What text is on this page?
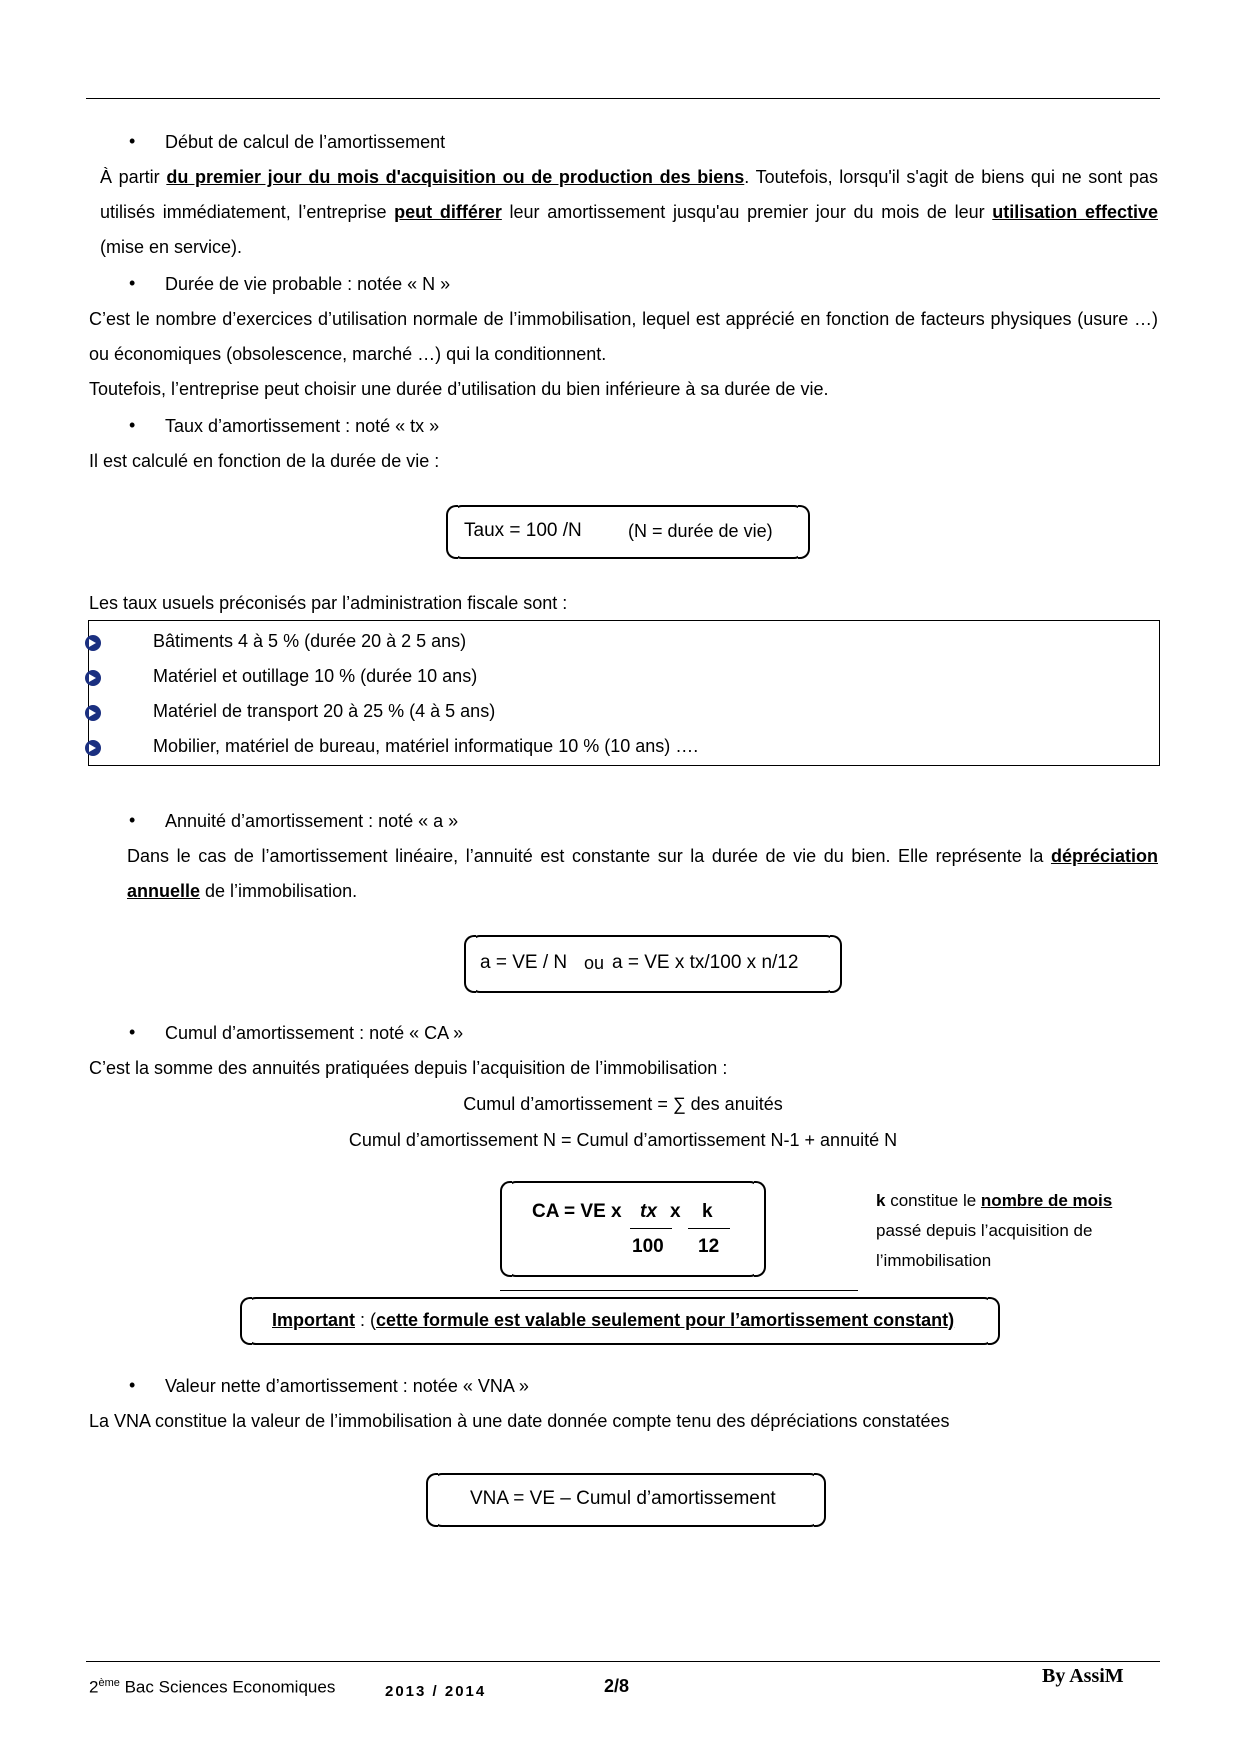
• Début de calcul de l’amortissement
À partir du premier jour du mois d'acquisition ou de production des biens. Toutefois, lorsqu'il s'agit de biens qui ne sont pas utilisés immédiatement, l’entreprise peut différer leur amortissement jusqu'au premier jour du mois de leur utilisation effective (mise en service).
• Durée de vie probable : notée « N »
C’est le nombre d’exercices d’utilisation normale de l’immobilisation, lequel est apprécié en fonction de facteurs physiques (usure …) ou économiques (obsolescence, marché …) qui la conditionnent.
Toutefois, l’entreprise peut choisir une durée d’utilisation du bien inférieure à sa durée de vie.
• Taux d’amortissement : noté « tx »
Il est calculé en fonction de la durée de vie :
Taux = 100 /N	(N = durée de vie)
Les taux usuels préconisés par l’administration fiscale sont :
Bâtiments 4 à 5 % (durée 20 à 2 5 ans)
Matériel et outillage 10 % (durée 10 ans)
Matériel de transport 20 à 25 % (4 à 5 ans)
Mobilier, matériel de bureau, matériel informatique 10 % (10 ans) ….
• Annuité d’amortissement : noté « a »
Dans le cas de l’amortissement linéaire, l’annuité est constante sur la durée de vie du bien. Elle représente la dépréciation annuelle de l’immobilisation.
a = VE / N ou a = VE x tx/100 x n/12
• Cumul d’amortissement : noté « CA »
C’est la somme des annuités pratiquées depuis l’acquisition de l’immobilisation :
Cumul d’amortissement = ∑ des anuités
Cumul d’amortissement N = Cumul d’amortissement N-1 + annuité N
CA = VE x tx x k
100 12
k constitue le nombre de mois
passé depuis l’acquisition de l’immobilisation
Important : (cette formule est valable seulement pour l’amortissement constant)
• Valeur nette d’amortissement : notée « VNA »
La VNA constitue la valeur de l’immobilisation à une date donnée compte tenu des dépréciations constatées
VNA = VE – Cumul d’amortissement
2ème Bac Sciences Economiques	2013 / 2014	2/8	By AssiM
